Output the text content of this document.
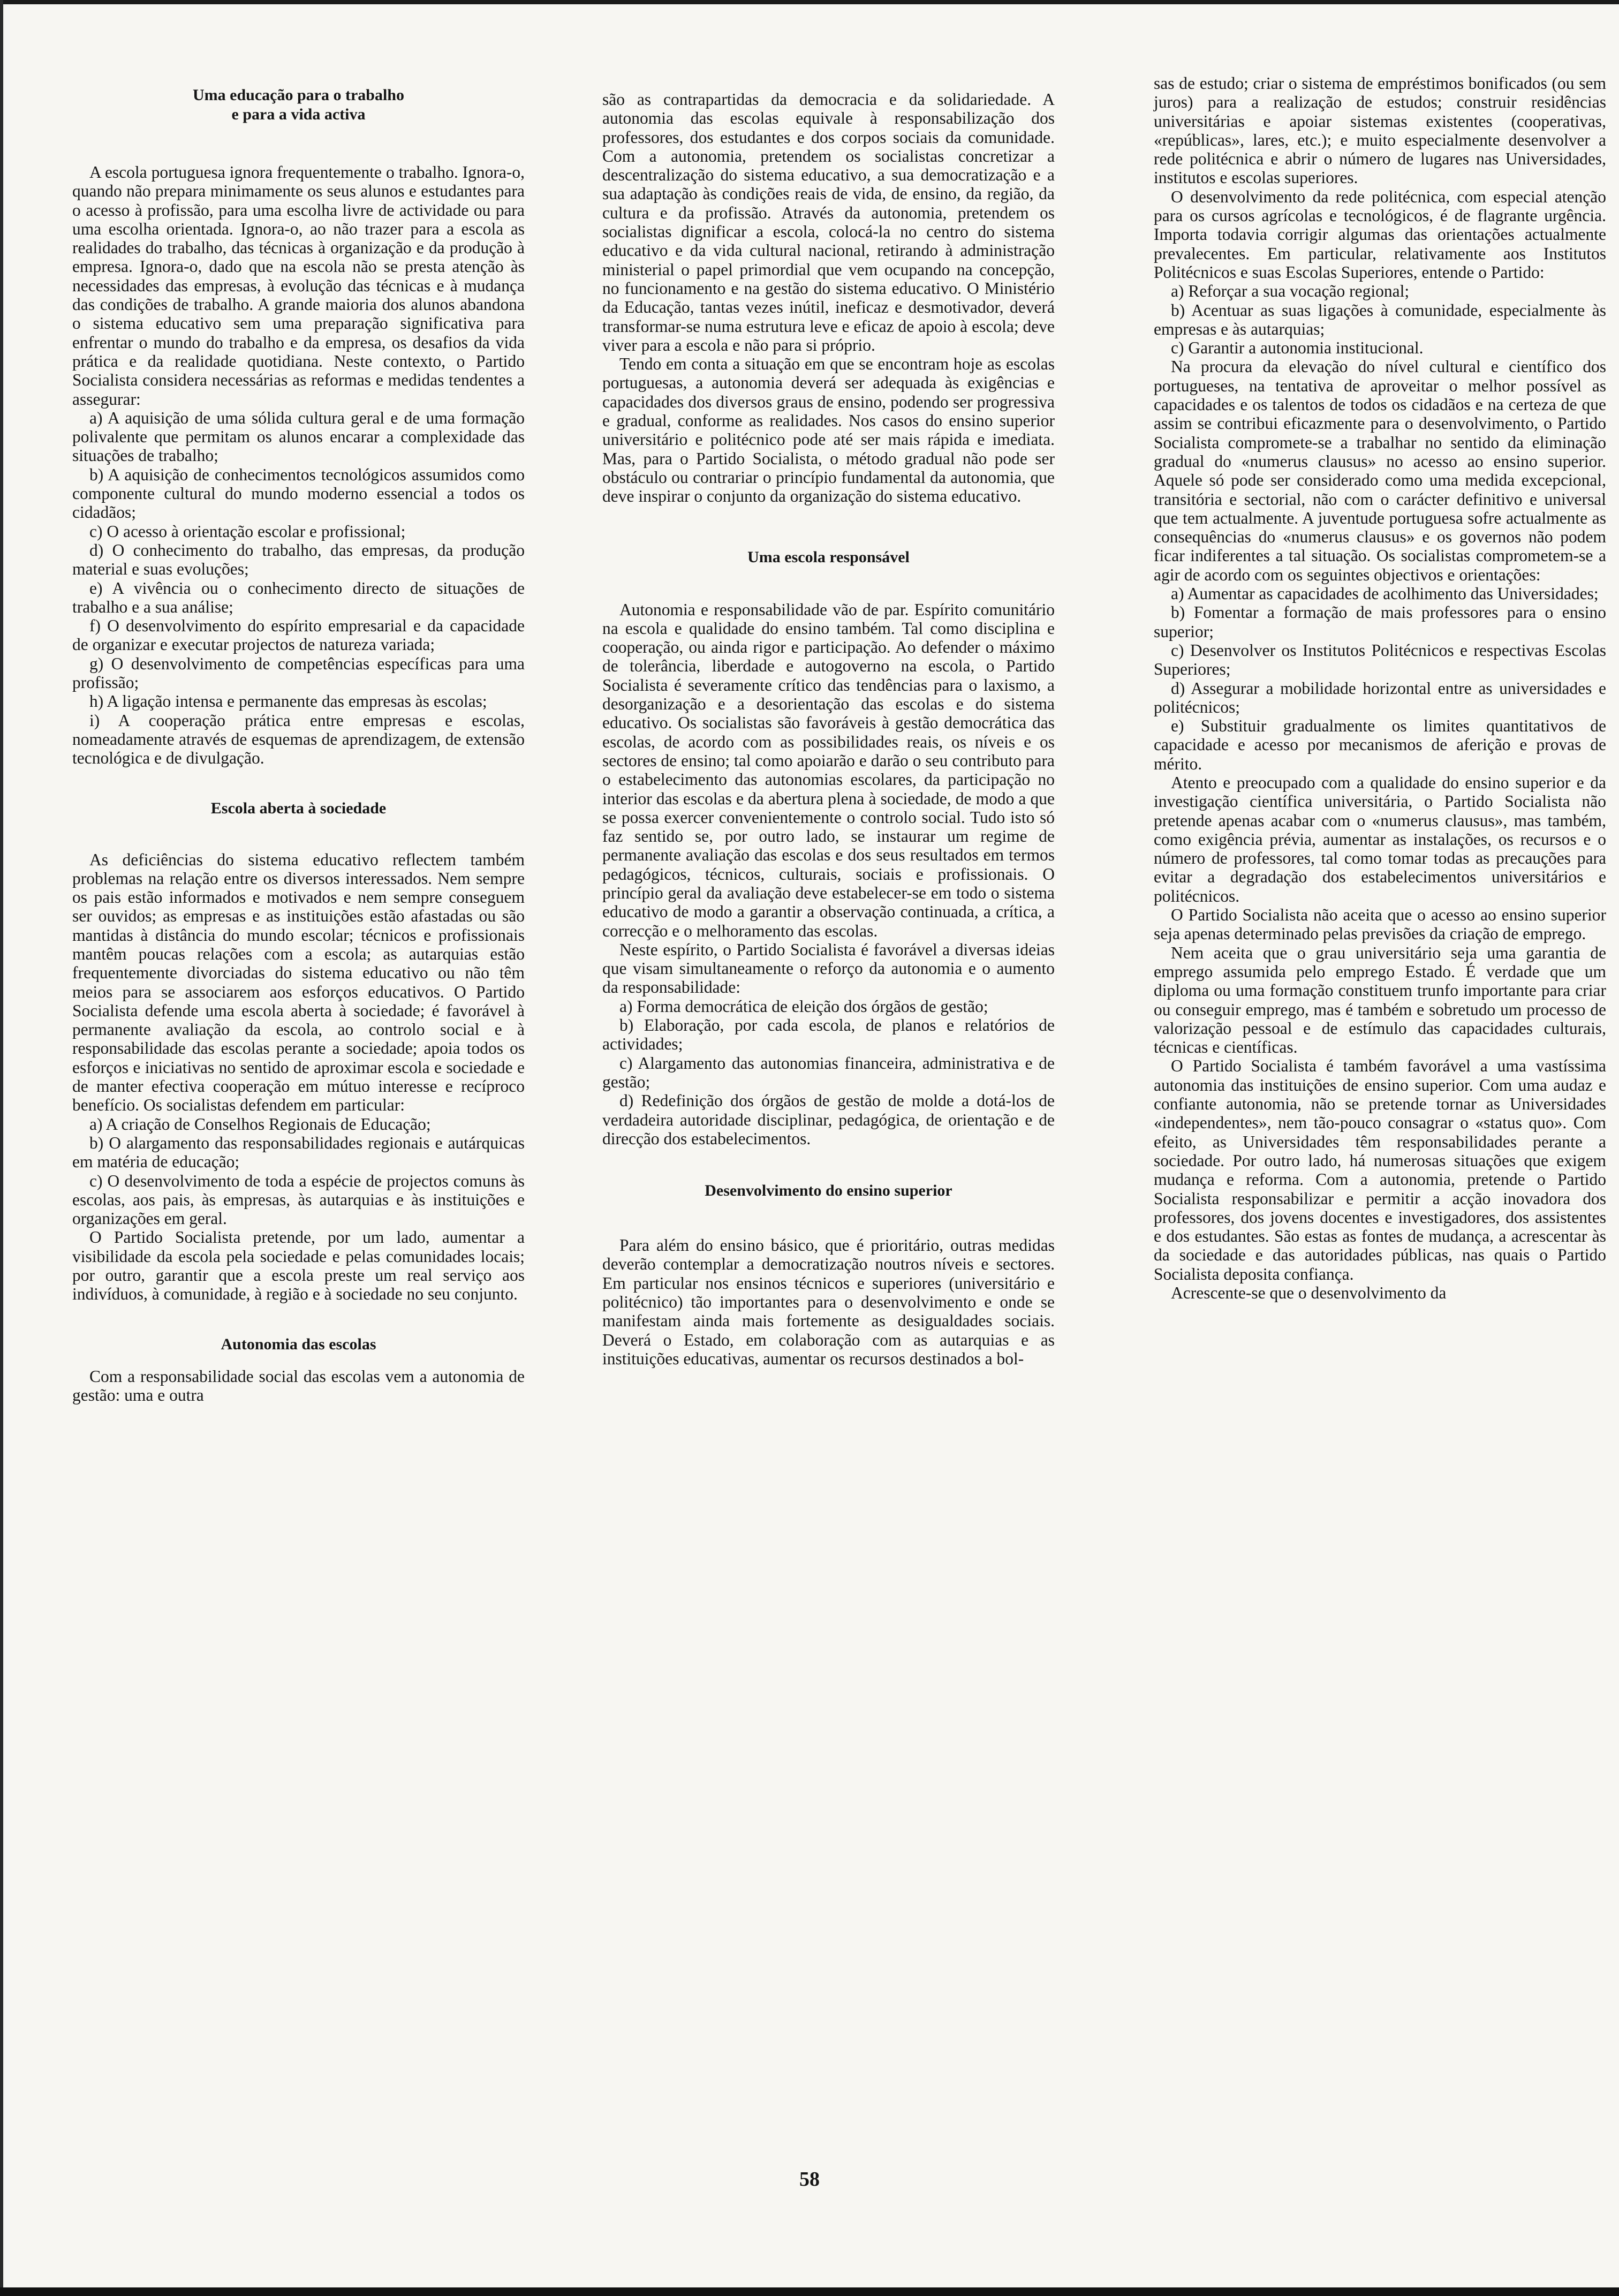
Uma educação para o trabalho
e para a vida activa

A escola portuguesa ignora frequentemente o trabalho. Ignora-o, quando não prepara minimamente os seus alunos e estudantes para o acesso à profissão, para uma escolha livre de actividade ou para uma escolha orientada. Ignora-o, ao não trazer para a escola as realidades do trabalho, das técnicas à organização e da produção à empresa. Ignora-o, dado que na escola não se presta atenção às necessidades das empresas, à evolução das técnicas e à mudança das condições de trabalho. A grande maioria dos alunos abandona o sistema educativo sem uma preparação significativa para enfrentar o mundo do trabalho e da empresa, os desafios da vida prática e da realidade quotidiana. Neste contexto, o Partido Socialista considera necessárias as reformas e medidas tendentes a assegurar:

a) A aquisição de uma sólida cultura geral e de uma formação polivalente que permitam os alunos encarar a complexidade das situações de trabalho;

b) A aquisição de conhecimentos tecnológicos assumidos como componente cultural do mundo moderno essencial a todos os cidadãos;

c) O acesso à orientação escolar e profissional;

d) O conhecimento do trabalho, das empresas, da produção material e suas evoluções;

e) A vivência ou o conhecimento directo de situações de trabalho e a sua análise;

f) O desenvolvimento do espírito empresarial e da capacidade de organizar e executar projectos de natureza variada;

g) O desenvolvimento de competências específicas para uma profissão;

h) A ligação intensa e permanente das empresas às escolas;

i) A cooperação prática entre empresas e escolas, nomeadamente através de esquemas de aprendizagem, de extensão tecnológica e de divulgação.

Escola aberta à sociedade

As deficiências do sistema educativo reflectem também problemas na relação entre os diversos interessados. Nem sempre os pais estão informados e motivados e nem sempre conseguem ser ouvidos; as empresas e as instituições estão afastadas ou são mantidas à distância do mundo escolar; técnicos e profissionais mantêm poucas relações com a escola; as autarquias estão frequentemente divorciadas do sistema educativo ou não têm meios para se associarem aos esforços educativos. O Partido Socialista defende uma escola aberta à sociedade; é favorável à permanente avaliação da escola, ao controlo social e à responsabilidade das escolas perante a sociedade; apoia todos os esforços e iniciativas no sentido de aproximar escola e sociedade e de manter efectiva cooperação em mútuo interesse e recíproco benefício. Os socialistas defendem em particular:

a) A criação de Conselhos Regionais de Educação;

b) O alargamento das responsabilidades regionais e autárquicas em matéria de educação;

c) O desenvolvimento de toda a espécie de projectos comuns às escolas, aos pais, às empresas, às autarquias e às instituições e organizações em geral.

O Partido Socialista pretende, por um lado, aumentar a visibilidade da escola pela sociedade e pelas comunidades locais; por outro, garantir que a escola preste um real serviço aos indivíduos, à comunidade, à região e à sociedade no seu conjunto.

Autonomia das escolas

Com a responsabilidade social das escolas vem a autonomia de gestão: uma e outra

são as contrapartidas da democracia e da solidariedade. A autonomia das escolas equivale à responsabilização dos professores, dos estudantes e dos corpos sociais da comunidade. Com a autonomia, pretendem os socialistas concretizar a descentralização do sistema educativo, a sua democratização e a sua adaptação às condições reais de vida, de ensino, da região, da cultura e da profissão. Através da autonomia, pretendem os socialistas dignificar a escola, colocá-la no centro do sistema educativo e da vida cultural nacional, retirando à administração ministerial o papel primordial que vem ocupando na concepção, no funcionamento e na gestão do sistema educativo. O Ministério da Educação, tantas vezes inútil, ineficaz e desmotivador, deverá transformar-se numa estrutura leve e eficaz de apoio à escola; deve viver para a escola e não para si próprio.

Tendo em conta a situação em que se encontram hoje as escolas portuguesas, a autonomia deverá ser adequada às exigências e capacidades dos diversos graus de ensino, podendo ser progressiva e gradual, conforme as realidades. Nos casos do ensino superior universitário e politécnico pode até ser mais rápida e imediata. Mas, para o Partido Socialista, o método gradual não pode ser obstáculo ou contrariar o princípio fundamental da autonomia, que deve inspirar o conjunto da organização do sistema educativo.

Uma escola responsável

Autonomia e responsabilidade vão de par. Espírito comunitário na escola e qualidade do ensino também. Tal como disciplina e cooperação, ou ainda rigor e participação. Ao defender o máximo de tolerância, liberdade e autogoverno na escola, o Partido Socialista é severamente crítico das tendências para o laxismo, a desorganização e a desorientação das escolas e do sistema educativo. Os socialistas são favoráveis à gestão democrática das escolas, de acordo com as possibilidades reais, os níveis e os sectores de ensino; tal como apoiarão e darão o seu contributo para o estabelecimento das autonomias escolares, da participação no interior das escolas e da abertura plena à sociedade, de modo a que se possa exercer convenientemente o controlo social. Tudo isto só faz sentido se, por outro lado, se instaurar um regime de permanente avaliação das escolas e dos seus resultados em termos pedagógicos, técnicos, culturais, sociais e profissionais. O princípio geral da avaliação deve estabelecer-se em todo o sistema educativo de modo a garantir a observação continuada, a crítica, a correcção e o melhoramento das escolas.

Neste espírito, o Partido Socialista é favorável a diversas ideias que visam simultaneamente o reforço da autonomia e o aumento da responsabilidade:

a) Forma democrática de eleição dos órgãos de gestão;

b) Elaboração, por cada escola, de planos e relatórios de actividades;

c) Alargamento das autonomias financeira, administrativa e de gestão;

d) Redefinição dos órgãos de gestão de molde a dotá-los de verdadeira autoridade disciplinar, pedagógica, de orientação e de direcção dos estabelecimentos.

Desenvolvimento do ensino superior

Para além do ensino básico, que é prioritário, outras medidas deverão contemplar a democratização noutros níveis e sectores. Em particular nos ensinos técnicos e superiores (universitário e politécnico) tão importantes para o desenvolvimento e onde se manifestam ainda mais fortemente as desigualdades sociais. Deverá o Estado, em colaboração com as autarquias e as instituições educativas, aumentar os recursos destinados a bol-

sas de estudo; criar o sistema de empréstimos bonificados (ou sem juros) para a realização de estudos; construir residências universitárias e apoiar sistemas existentes (cooperativas, «repúblicas», lares, etc.); e muito especialmente desenvolver a rede politécnica e abrir o número de lugares nas Universidades, institutos e escolas superiores.

O desenvolvimento da rede politécnica, com especial atenção para os cursos agrícolas e tecnológicos, é de flagrante urgência. Importa todavia corrigir algumas das orientações actualmente prevalecentes. Em particular, relativamente aos Institutos Politécnicos e suas Escolas Superiores, entende o Partido:

a) Reforçar a sua vocação regional;

b) Acentuar as suas ligações à comunidade, especialmente às empresas e às autarquias;

c) Garantir a autonomia institucional.

Na procura da elevação do nível cultural e científico dos portugueses, na tentativa de aproveitar o melhor possível as capacidades e os talentos de todos os cidadãos e na certeza de que assim se contribui eficazmente para o desenvolvimento, o Partido Socialista compromete-se a trabalhar no sentido da eliminação gradual do «numerus clausus» no acesso ao ensino superior. Aquele só pode ser considerado como uma medida excepcional, transitória e sectorial, não com o carácter definitivo e universal que tem actualmente. A juventude portuguesa sofre actualmente as consequências do «numerus clausus» e os governos não podem ficar indiferentes a tal situação. Os socialistas comprometem-se a agir de acordo com os seguintes objectivos e orientações:

a) Aumentar as capacidades de acolhimento das Universidades;

b) Fomentar a formação de mais professores para o ensino superior;

c) Desenvolver os Institutos Politécnicos e respectivas Escolas Superiores;

d) Assegurar a mobilidade horizontal entre as universidades e politécnicos;

e) Substituir gradualmente os limites quantitativos de capacidade e acesso por mecanismos de aferição e provas de mérito.

Atento e preocupado com a qualidade do ensino superior e da investigação científica universitária, o Partido Socialista não pretende apenas acabar com o «numerus clausus», mas também, como exigência prévia, aumentar as instalações, os recursos e o número de professores, tal como tomar todas as precauções para evitar a degradação dos estabelecimentos universitários e politécnicos.

O Partido Socialista não aceita que o acesso ao ensino superior seja apenas determinado pelas previsões da criação de emprego.

Nem aceita que o grau universitário seja uma garantia de emprego assumida pelo emprego Estado. É verdade que um diploma ou uma formação constituem trunfo importante para criar ou conseguir emprego, mas é também e sobretudo um processo de valorização pessoal e de estímulo das capacidades culturais, técnicas e científicas.

O Partido Socialista é também favorável a uma vastíssima autonomia das instituições de ensino superior. Com uma audaz e confiante autonomia, não se pretende tornar as Universidades «independentes», nem tão-pouco consagrar o «status quo». Com efeito, as Universidades têm responsabilidades perante a sociedade. Por outro lado, há numerosas situações que exigem mudança e reforma. Com a autonomia, pretende o Partido Socialista responsabilizar e permitir a acção inovadora dos professores, dos jovens docentes e investigadores, dos assistentes e dos estudantes. São estas as fontes de mudança, a acrescentar às da sociedade e das autoridades públicas, nas quais o Partido Socialista deposita confiança.

Acrescente-se que o desenvolvimento da

58
